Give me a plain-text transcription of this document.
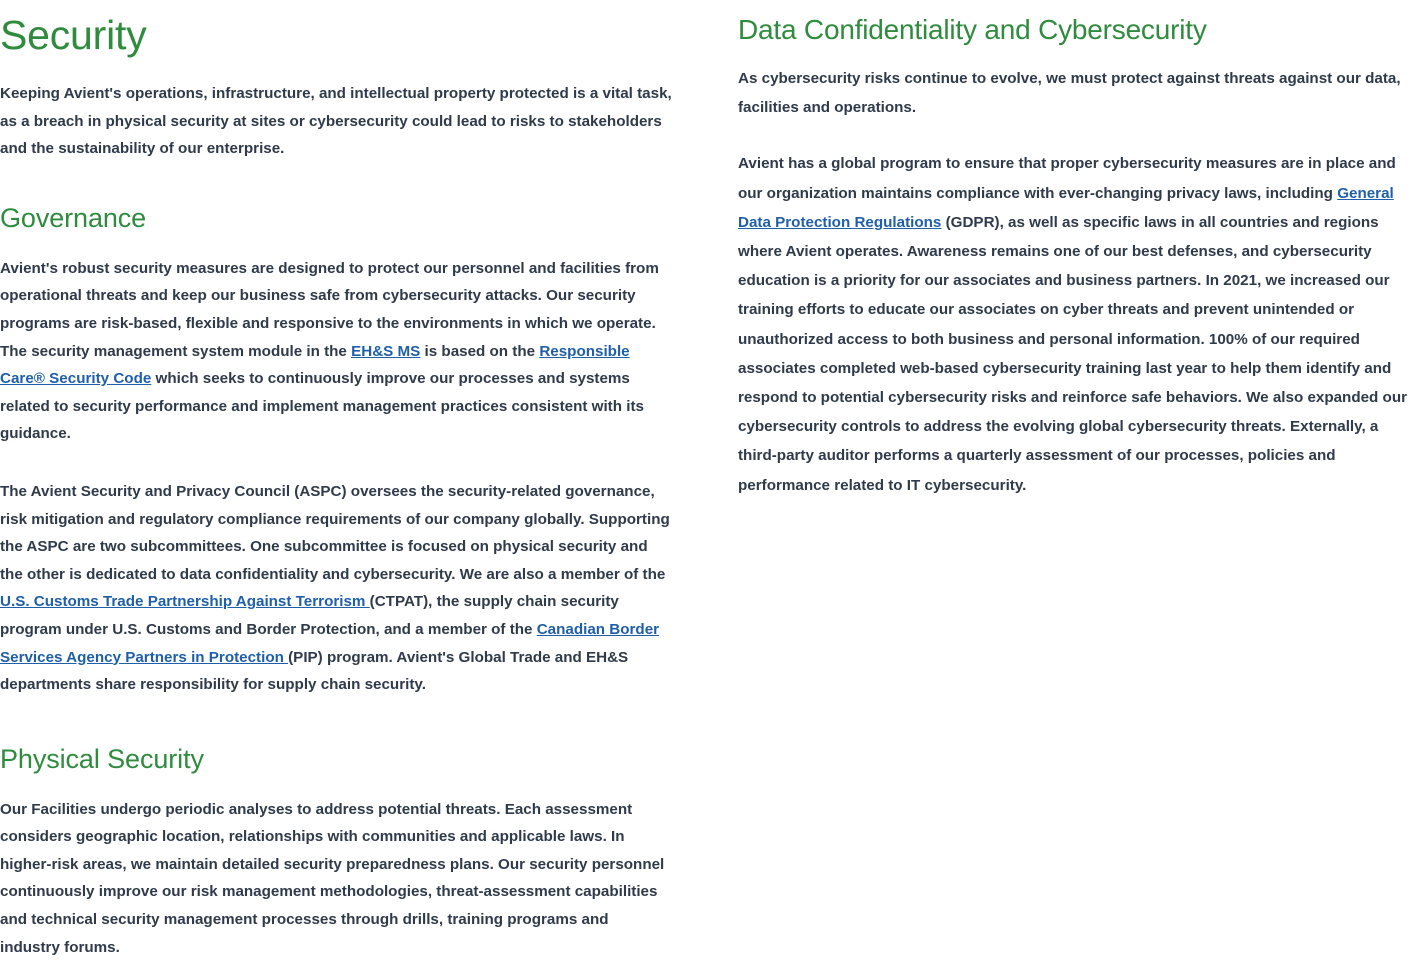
Security

Keeping Avient's operations, infrastructure, and intellectual property protected is a vital task, as a breach in physical security at sites or cybersecurity could lead to risks to stakeholders and the sustainability of our enterprise.

Governance

Avient's robust security measures are designed to protect our personnel and facilities from operational threats and keep our business safe from cybersecurity attacks. Our security programs are risk-based, flexible and responsive to the environments in which we operate. The security management system module in the EH&S MS is based on the Responsible Care® Security Code which seeks to continuously improve our processes and systems related to security performance and implement management practices consistent with its guidance.

The Avient Security and Privacy Council (ASPC) oversees the security-related governance, risk mitigation and regulatory compliance requirements of our company globally. Supporting the ASPC are two subcommittees. One subcommittee is focused on physical security and the other is dedicated to data confidentiality and cybersecurity. We are also a member of the U.S. Customs Trade Partnership Against Terrorism (CTPAT), the supply chain security program under U.S. Customs and Border Protection, and a member of the Canadian Border Services Agency Partners in Protection (PIP) program. Avient's Global Trade and EH&S departments share responsibility for supply chain security.

Physical Security

Our Facilities undergo periodic analyses to address potential threats. Each assessment considers geographic location, relationships with communities and applicable laws. In higher-risk areas, we maintain detailed security preparedness plans. Our security personnel continuously improve our risk management methodologies, threat-assessment capabilities and technical security management processes through drills, training programs and industry forums.

Data Confidentiality and Cybersecurity

As cybersecurity risks continue to evolve, we must protect against threats against our data, facilities and operations.

Avient has a global program to ensure that proper cybersecurity measures are in place and our organization maintains compliance with ever-changing privacy laws, including General Data Protection Regulations (GDPR), as well as specific laws in all countries and regions where Avient operates. Awareness remains one of our best defenses, and cybersecurity education is a priority for our associates and business partners. In 2021, we increased our training efforts to educate our associates on cyber threats and prevent unintended or unauthorized access to both business and personal information. 100% of our required associates completed web-based cybersecurity training last year to help them identify and respond to potential cybersecurity risks and reinforce safe behaviors. We also expanded our cybersecurity controls to address the evolving global cybersecurity threats. Externally, a third-party auditor performs a quarterly assessment of our processes, policies and performance related to IT cybersecurity.
